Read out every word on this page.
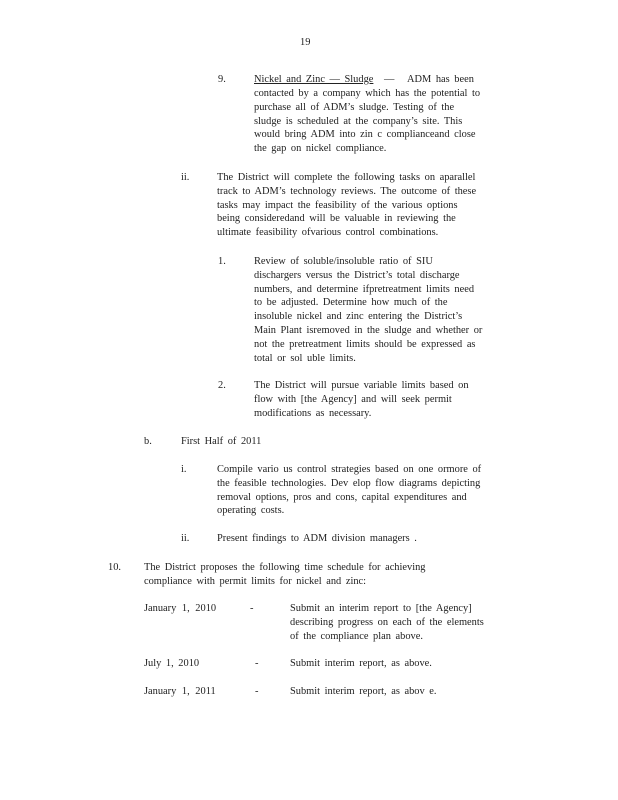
19
9.	Nickel and Zinc — Sludge — ADM has been
contacted by a company which has the potential to
purchase all of ADM’s sludge. Testing of the
sludge is scheduled at the company’s site. This
would bring ADM into zin c complianceand close
the gap on nickel compliance.
ii.	The District will complete the following tasks on aparallel
track to ADM’s technology reviews. The outcome of these
tasks may impact the feasibility of the various options
being consideredand will be valuable in reviewing the
ultimate feasibility ofvarious control combinations.
1.	Review of soluble/insoluble ratio of SIU
dischargers versus the District’s total discharge
numbers, and determine ifpretreatment limits need
to be adjusted. Determine how much of the
insoluble nickel and zinc entering the District’s
Main Plant isremoved in the sludge and whether or
not the pretreatment limits should be expressed as
total or sol uble limits.
2.	The District will pursue variable limits based on
flow with [the Agency] and will seek permit
modifications as necessary.
b.	First Half of 2011
i.	Compile vario us control strategies based on one ormore of
the feasible technologies. Dev elop flow diagrams depicting
removal options, pros and cons, capital expenditures and
operating costs.
ii.	Present findings to ADM division managers .
10. The District proposes the following time schedule for achieving
compliance with permit limits for nickel and zinc:
January 1, 2010	-	Submit an interim report to [the Agency]
describing progress on each of the elements
of the compliance plan above.
July 1, 2010	-	Submit interim report, as above.
January 1, 2011	-	Submit interim report, as abov e.
